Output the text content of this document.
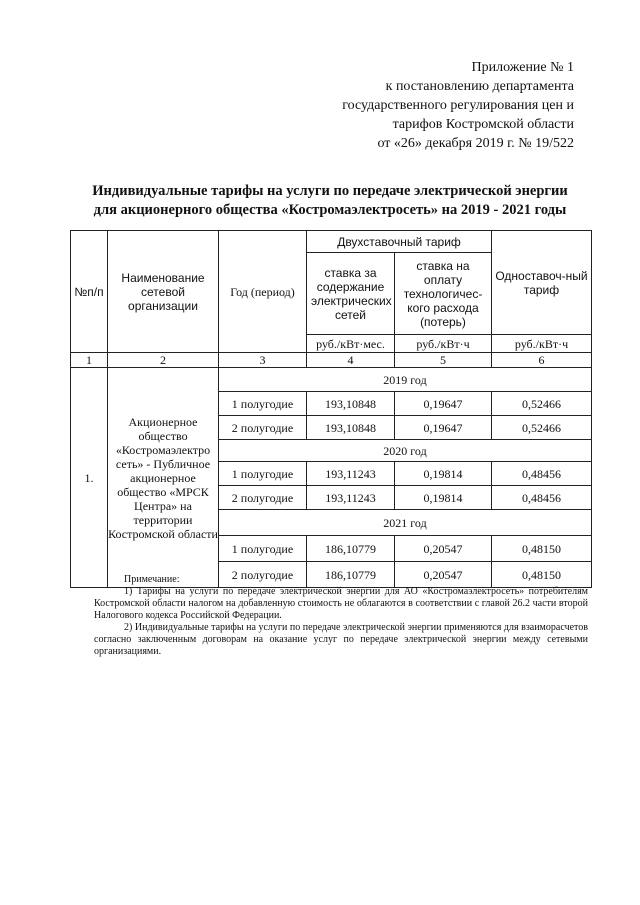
Приложение № 1
к постановлению департамента
государственного регулирования цен и
тарифов Костромской области
от «26» декабря 2019 г. № 19/522
Индивидуальные тарифы на услуги по передаче электрической энергии
для акционерного общества «Костромаэлектросеть» на 2019 - 2021 годы
№п/п	Наименование сетевой организации	Год (период)	Двухставочный тариф		Одноставоч-ный тариф
			ставка за содержание электрических сетей	ставка на оплату технологичес-кого расхода (потерь)	
			руб./кВт·мес.	руб./кВт·ч	руб./кВт·ч
1	2	3	4	5	6
1.	Акционерное общество «Костромаэлектро сеть» - Публичное акционерное общество «МРСК Центра» на территории Костромской области	2019 год			
		1 полугодие	193,10848	0,19647	0,52466
		2 полугодие	193,10848	0,19647	0,52466
		2020 год			
		1 полугодие	193,11243	0,19814	0,48456
		2 полугодие	193,11243	0,19814	0,48456
		2021 год			
		1 полугодие	186,10779	0,20547	0,48150
		2 полугодие	186,10779	0,20547	0,48150

Примечание:

1) Тарифы на услуги по передаче электрической энергии для АО «Костромаэлектросеть» потребителям Костромской области налогом на добавленную стоимость не облагаются в соответствии с главой 26.2 части второй Налогового кодекса Российской Федерации.

2) Индивидуальные тарифы на услуги по передаче электрической энергии применяются для взаиморасчетов согласно заключенным договорам на оказание услуг по передаче электрической энергии между сетевыми организациями.
